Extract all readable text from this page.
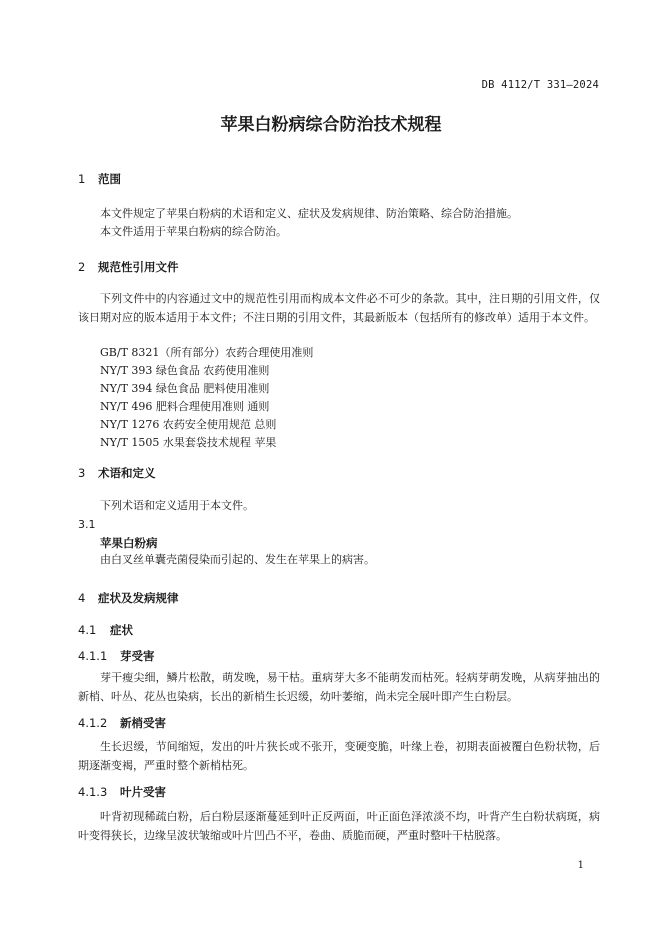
DB 4112/T 331—2024
苹果白粉病综合防治技术规程
1 范围

本文件规定了苹果白粉病的术语和定义、症状及发病规律、防治策略、综合防治措施。

本文件适用于苹果白粉病的综合防治。

2 规范性引用文件

下列文件中的内容通过文中的规范性引用而构成本文件必不可少的条款。其中，注日期的引用文件，仅该日期对应的版本适用于本文件；不注日期的引用文件，其最新版本（包括所有的修改单）适用于本文件。

GB/T 8321（所有部分）农药合理使用准则
NY/T 393 绿色食品 农药使用准则
NY/T 394 绿色食品 肥料使用准则
NY/T 496 肥料合理使用准则 通则
NY/T 1276 农药安全使用规范 总则
NY/T 1505 水果套袋技术规程 苹果
3 术语和定义

下列术语和定义适用于本文件。

3.1
苹果白粉病
由白叉丝单囊壳菌侵染而引起的、发生在苹果上的病害。
4 症状及发病规律
4.1 症状
4.1.1 芽受害

芽干瘦尖细，鳞片松散，萌发晚，易干枯。重病芽大多不能萌发而枯死。轻病芽萌发晚，从病芽抽出的新梢、叶丛、花丛也染病，长出的新梢生长迟缓，幼叶萎缩，尚未完全展叶即产生白粉层。

4.1.2 新梢受害

生长迟缓，节间缩短，发出的叶片狭长或不张开，变硬变脆，叶缘上卷，初期表面被覆白色粉状物，后期逐渐变褐，严重时整个新梢枯死。

4.1.3 叶片受害

叶背初现稀疏白粉，后白粉层逐渐蔓延到叶正反两面，叶正面色泽浓淡不均，叶背产生白粉状病斑，病叶变得狭长，边缘呈波状皱缩或叶片凹凸不平，卷曲、质脆而硬，严重时整叶干枯脱落。

1
